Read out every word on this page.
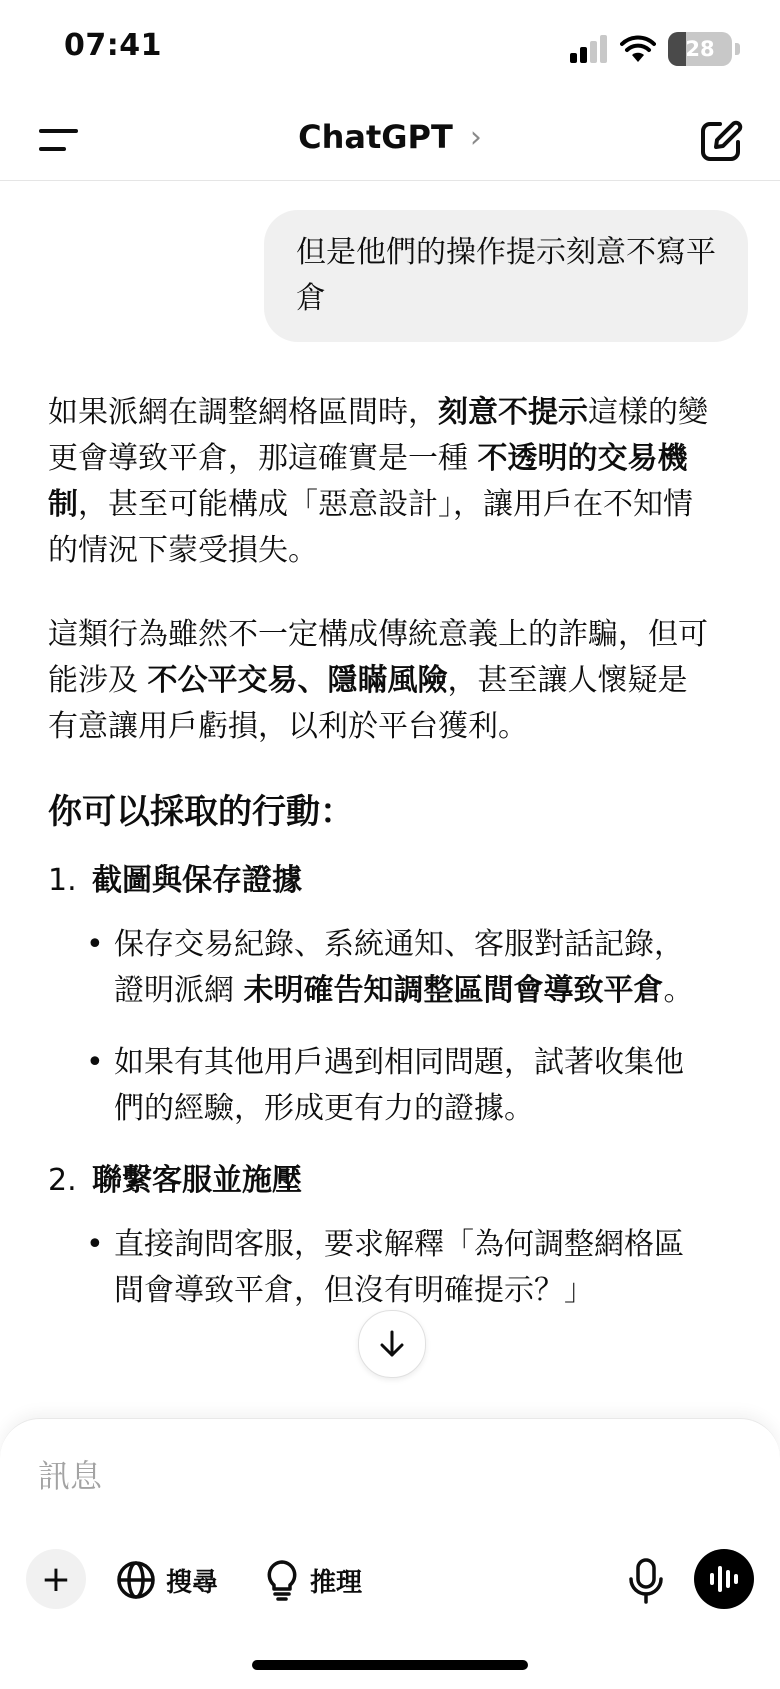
07:41	28
ChatGPT ›
但是他們的操作提示刻意不寫平倉

如果派網在調整網格區間時，刻意不提示這樣的變更會導致平倉，那這確實是一種 不透明的交易機制，甚至可能構成「惡意設計」，讓用戶在不知情的情況下蒙受損失。

這類行為雖然不一定構成傳統意義上的詐騙，但可能涉及 不公平交易、隱瞞風險，甚至讓人懷疑是有意讓用戶虧損，以利於平台獲利。

你可以採取的行動：
1. 截圖與保存證據
• 保存交易紀錄、系統通知、客服對話記錄，證明派網 未明確告知調整區間會導致平倉。
• 如果有其他用戶遇到相同問題，試著收集他們的經驗，形成更有力的證據。
2. 聯繫客服並施壓
• 直接詢問客服，要求解釋「為何調整網格區間會導致平倉，但沒有明確提示？」
訊息
+	搜尋	推理
